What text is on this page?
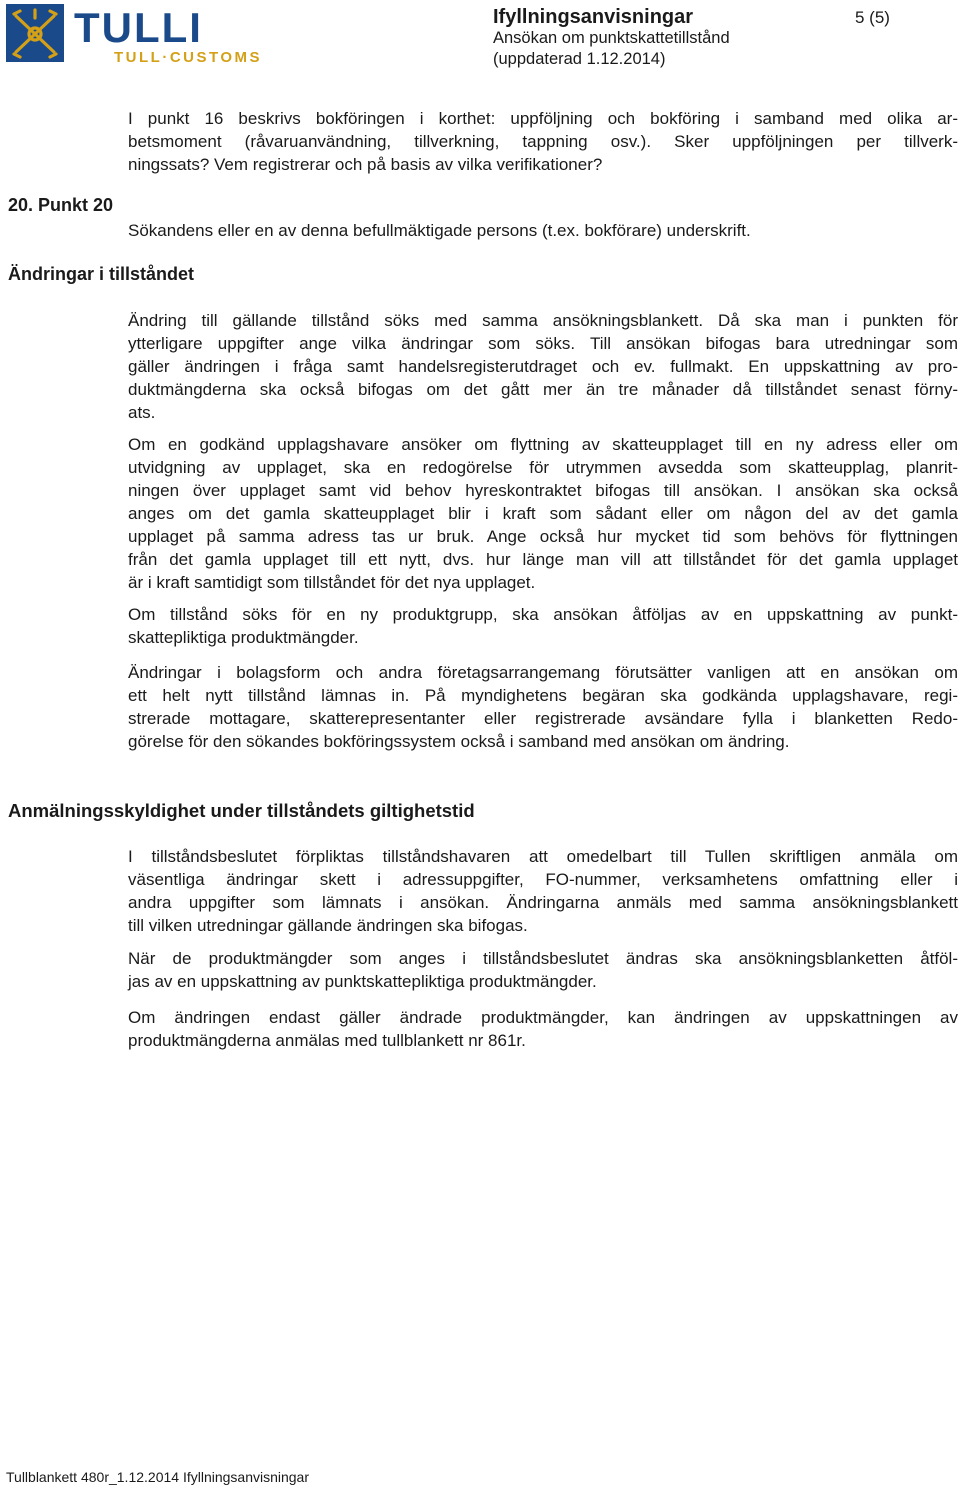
TULLI
TULL·CUSTOMS
Ifyllningsanvisningar	5 (5)
Ansökan om punktskattetillstånd
(uppdaterad 1.12.2014)
I punkt 16 beskrivs bokföringen i korthet: uppföljning och bokföring i samband med olika ar-
betsmoment (råvaruanvändning, tillverkning, tappning osv.). Sker uppföljningen per tillverk-
ningssats? Vem registrerar och på basis av vilka verifikationer?
20. Punkt 20
Sökandens eller en av denna befullmäktigade persons (t.ex. bokförare) underskrift.
Ändringar i tillståndet
Ändring till gällande tillstånd söks med samma ansökningsblankett. Då ska man i punkten för
ytterligare uppgifter ange vilka ändringar som söks. Till ansökan bifogas bara utredningar som
gäller ändringen i fråga samt handelsregisterutdraget och ev. fullmakt. En uppskattning av pro-
duktmängderna ska också bifogas om det gått mer än tre månader då tillståndet senast förny-
ats.
Om en godkänd upplagshavare ansöker om flyttning av skatteupplaget till en ny adress eller om
utvidgning av upplaget, ska en redogörelse för utrymmen avsedda som skatteupplag, planrit-
ningen över upplaget samt vid behov hyreskontraktet bifogas till ansökan. I ansökan ska också
anges om det gamla skatteupplaget blir i kraft som sådant eller om någon del av det gamla
upplaget på samma adress tas ur bruk. Ange också hur mycket tid som behövs för flyttningen
från det gamla upplaget till ett nytt, dvs. hur länge man vill att tillståndet för det gamla upplaget
är i kraft samtidigt som tillståndet för det nya upplaget.
Om tillstånd söks för en ny produktgrupp, ska ansökan åtföljas av en uppskattning av punkt-
skattepliktiga produktmängder.
Ändringar i bolagsform och andra företagsarrangemang förutsätter vanligen att en ansökan om
ett helt nytt tillstånd lämnas in. På myndighetens begäran ska godkända upplagshavare, regi-
strerade mottagare, skatterepresentanter eller registrerade avsändare fylla i blanketten Redo-
görelse för den sökandes bokföringssystem också i samband med ansökan om ändring.
Anmälningsskyldighet under tillståndets giltighetstid
I tillståndsbeslutet förpliktas tillståndshavaren att omedelbart till Tullen skriftligen anmäla om
väsentliga ändringar skett i adressuppgifter, FO-nummer, verksamhetens omfattning eller i
andra uppgifter som lämnats i ansökan. Ändringarna anmäls med samma ansökningsblankett
till vilken utredningar gällande ändringen ska bifogas.
När de produktmängder som anges i tillståndsbeslutet ändras ska ansökningsblanketten åtföl-
jas av en uppskattning av punktskattepliktiga produktmängder.
Om ändringen endast gäller ändrade produktmängder, kan ändringen av uppskattningen av
produktmängderna anmälas med tullblankett nr 861r.
Tullblankett 480r_1.12.2014 Ifyllningsanvisningar
